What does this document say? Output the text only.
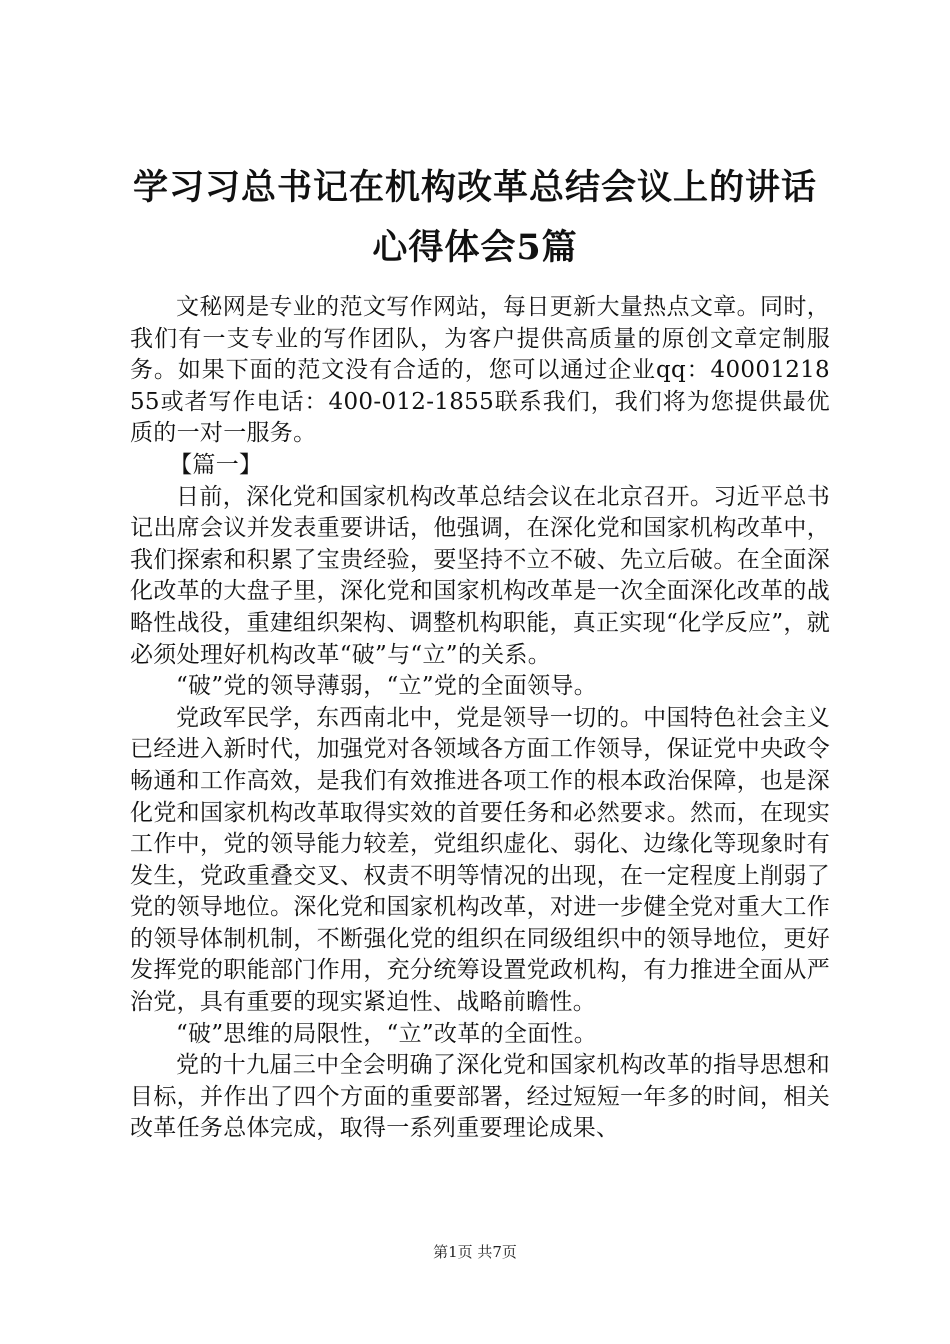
学习习总书记在机构改革总结会议上的讲话心得体会5篇

文秘网是专业的范文写作网站，每日更新大量热点文章。同时，我们有一支专业的写作团队，为客户提供高质量的原创文章定制服务。如果下面的范文没有合适的，您可以通过企业qq：4000121855或者写作电话：400-012-1855联系我们，我们将为您提供最优质的一对一服务。

【篇一】

日前，深化党和国家机构改革总结会议在北京召开。习近平总书记出席会议并发表重要讲话，他强调，在深化党和国家机构改革中，我们探索和积累了宝贵经验，要坚持不立不破、先立后破。在全面深化改革的大盘子里，深化党和国家机构改革是一次全面深化改革的战略性战役，重建组织架构、调整机构职能，真正实现“化学反应”，就必须处理好机构改革“破”与“立”的关系。

“破”党的领导薄弱，“立”党的全面领导。

党政军民学，东西南北中，党是领导一切的。中国特色社会主义已经进入新时代，加强党对各领域各方面工作领导，保证党中央政令畅通和工作高效，是我们有效推进各项工作的根本政治保障，也是深化党和国家机构改革取得实效的首要任务和必然要求。然而，在现实工作中，党的领导能力较差，党组织虚化、弱化、边缘化等现象时有发生，党政重叠交叉、权责不明等情况的出现，在一定程度上削弱了党的领导地位。深化党和国家机构改革，对进一步健全党对重大工作的领导体制机制，不断强化党的组织在同级组织中的领导地位，更好发挥党的职能部门作用，充分统筹设置党政机构，有力推进全面从严治党，具有重要的现实紧迫性、战略前瞻性。

“破”思维的局限性，“立”改革的全面性。

党的十九届三中全会明确了深化党和国家机构改革的指导思想和目标，并作出了四个方面的重要部署，经过短短一年多的时间，相关改革任务总体完成，取得一系列重要理论成果、

第1页 共7页
